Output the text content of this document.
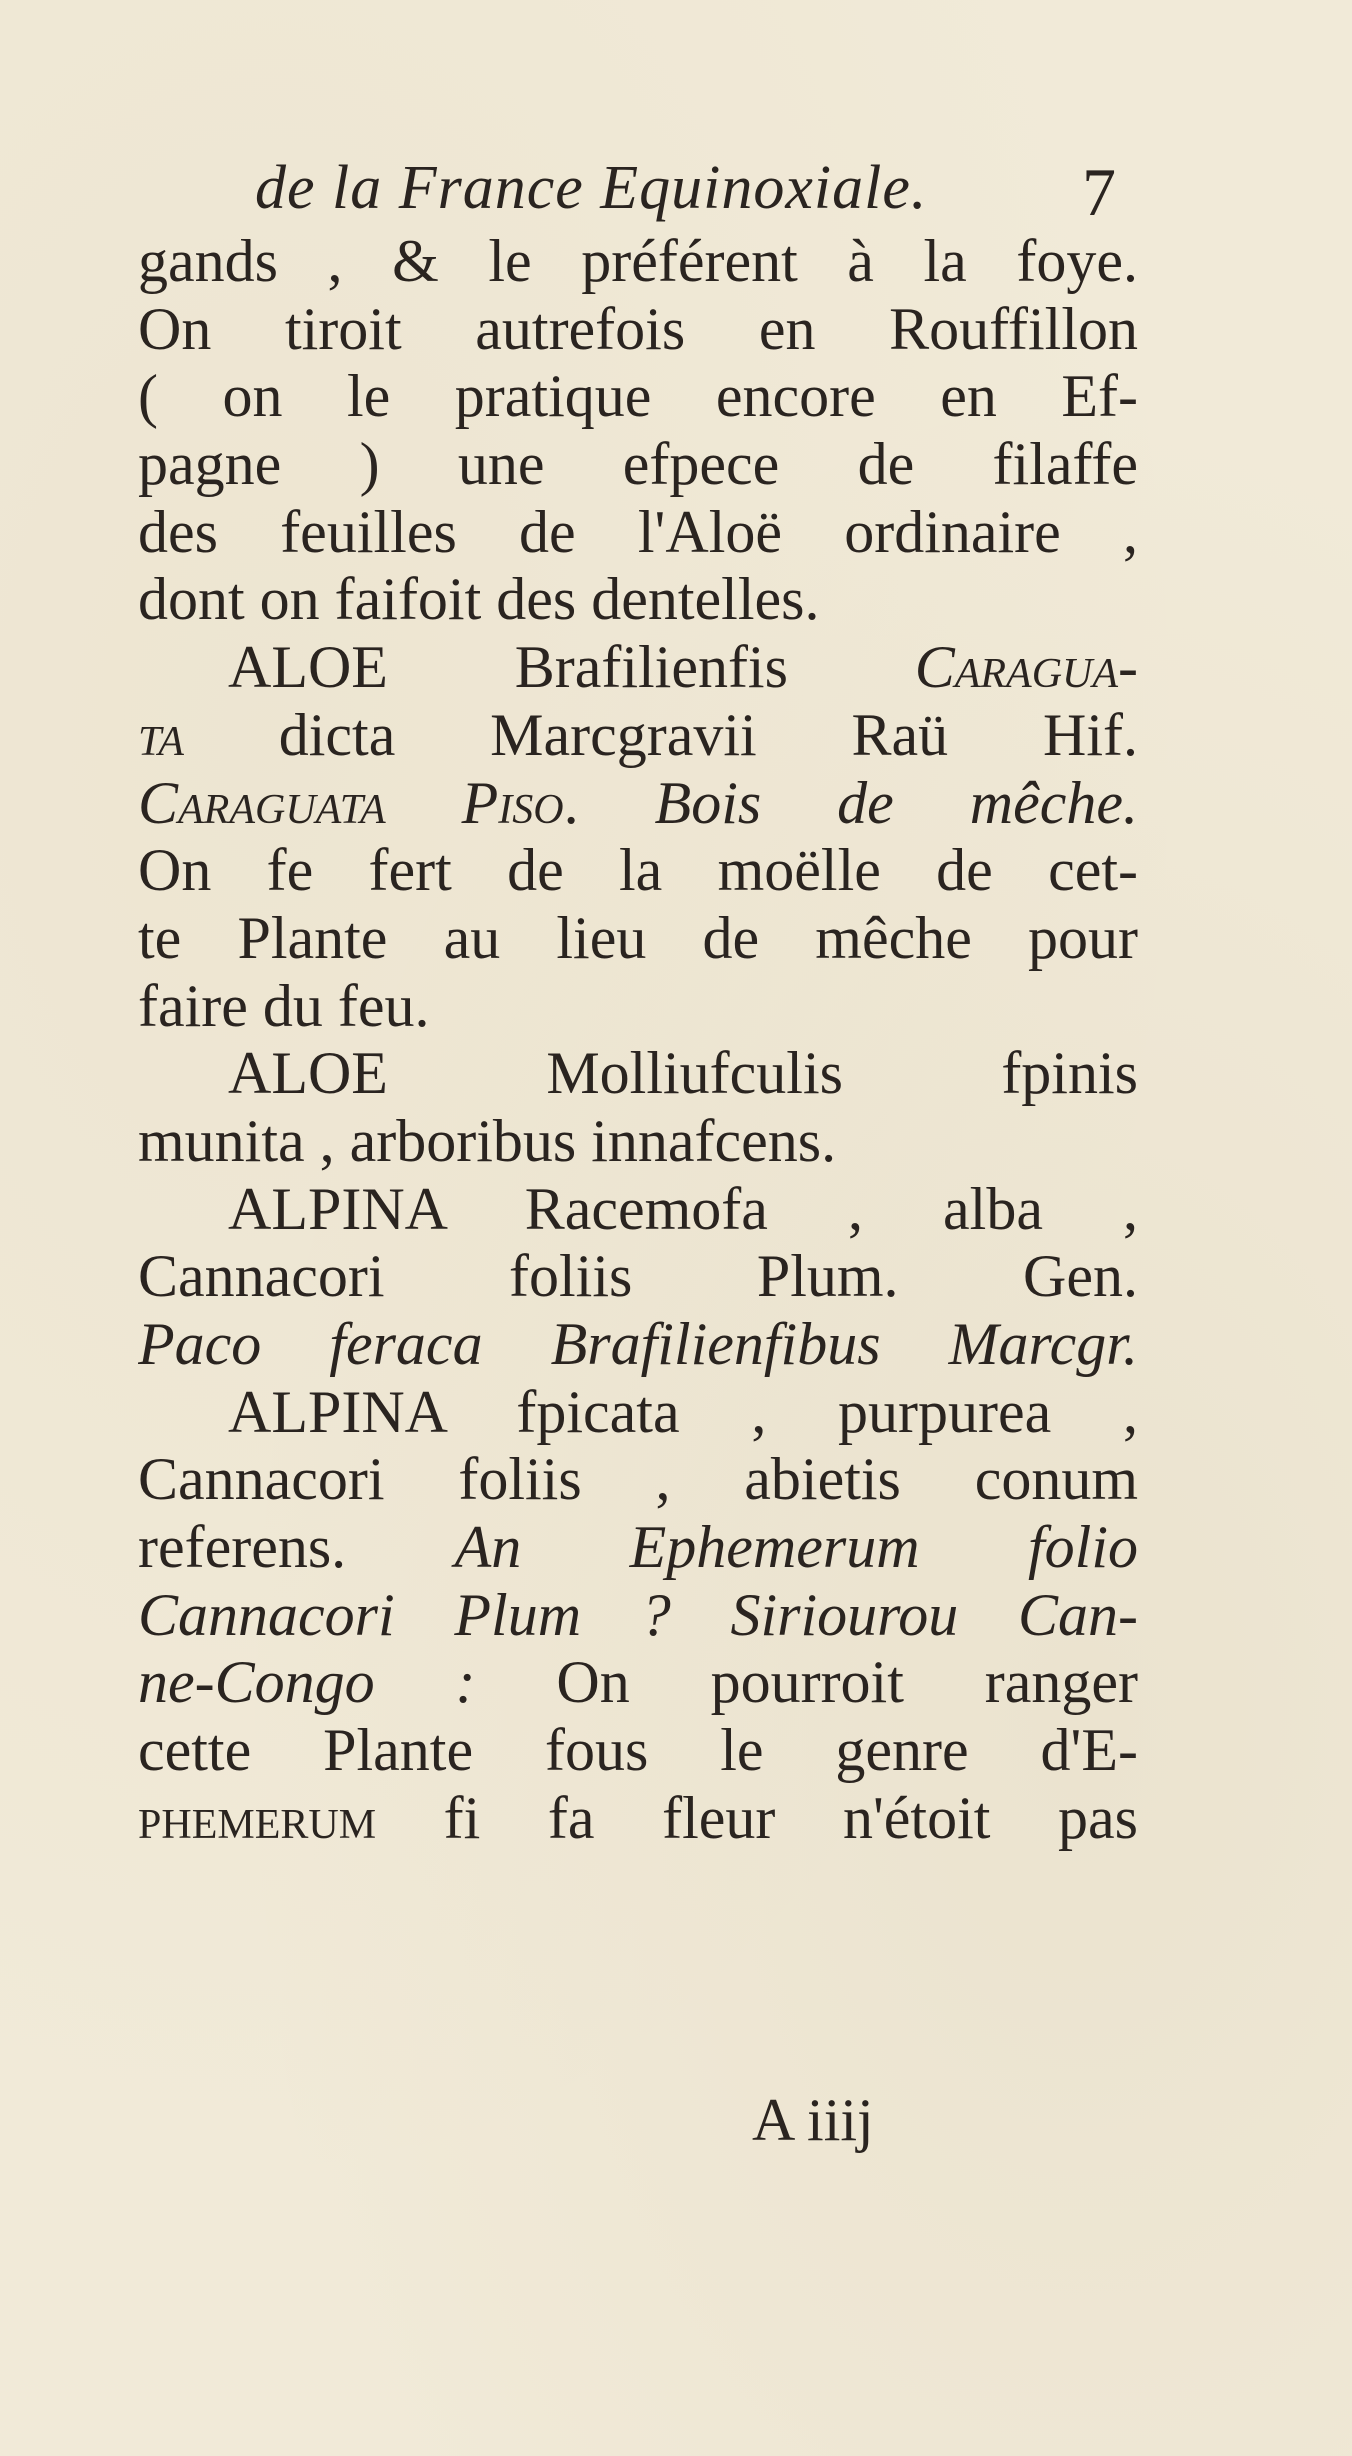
de la France Equinoxiale. 7
gands , & le préférent à la foye.
On tiroit autrefois en Rouffillon
( on le pratique encore en Ef-
pagne ) une efpece de filaffe
des feuilles de l'Aloë ordinaire ,
dont on faifoit des dentelles.
ALOE Brafilienfis Caraguа-
ta dicta Marcgravii Raü Hif.
Caraguata Piso. Bois de mêche.
On fe fert de la moëlle de cet-
te Plante au lieu de mêche pour
faire du feu.
ALOE Molliufculis fpinis
munita , arboribus innafcens.
ALPINA Racemofa , alba ,
Cannacori foliis Plum. Gen.
Paco feraca Brafilienfibus Marcgr.
ALPINA fpicata , purpurea ,
Cannacori foliis , abietis conum
referens. An Ephemerum folio
Cannacori Plum ? Siriourou Can-
ne-Congo : On pourroit ranger
cette Plante fous le genre d'E-
phemerum fi fa fleur n'étoit pas
A iiij
